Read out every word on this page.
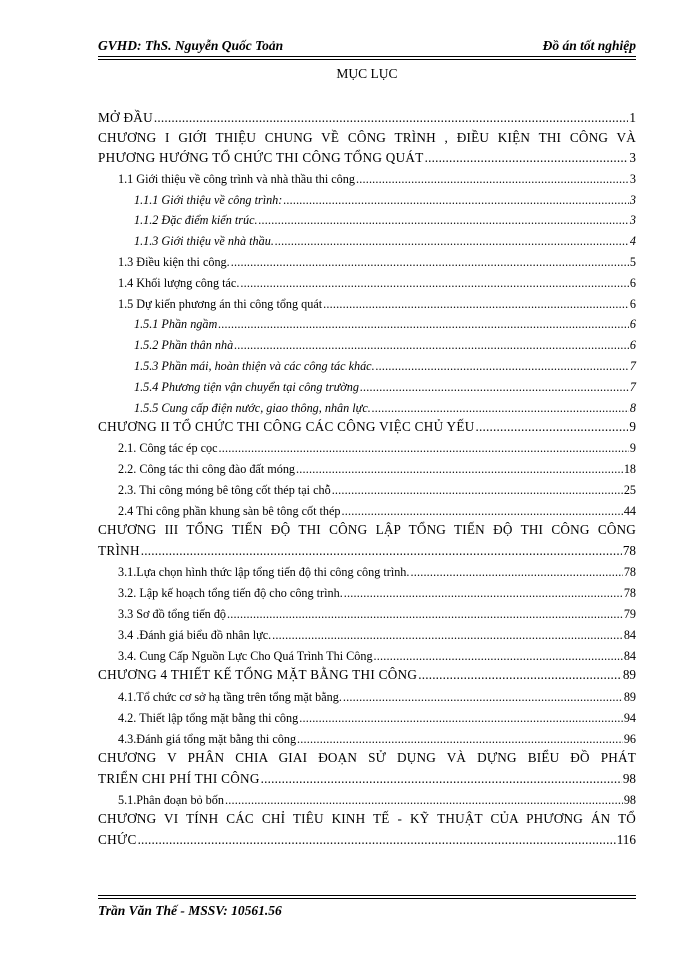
GVHD: ThS. Nguyễn Quốc Toản	Đồ án tốt nghiệp
MỤC LỤC
MỞ ĐẦU .....	1
CHƯƠNG I GIỚI THIỆU CHUNG VỀ CÔNG TRÌNH , ĐIỀU KIỆN THI CÔNG VÀ
PHƯƠNG HƯỚNG TỔ CHỨC THI CÔNG TỔNG QUÁT .....	3
1.1 Giới thiệu về công trình và nhà thầu thi công .....	3
1.1.1 Giới thiệu về công trình: .....	3
1.1.2 Đặc điểm kiến trúc. .....	3
1.1.3 Giới thiệu về nhà thầu. .....	4
1.3 Điều kiện thi công. .....	5
1.4 Khối lượng công tác. .....	6
1.5 Dự kiến phương án thi công tổng quát .....	6
1.5.1 Phần ngầm .....	6
1.5.2 Phần thân nhà .....	6
1.5.3 Phần mái, hoàn thiện và các công tác khác. .....	7
1.5.4 Phương tiện vận chuyển tại công trường .....	7
1.5.5 Cung cấp điện nước, giao thông, nhân lực. .....	8
CHƯƠNG II TỔ CHỨC THI CÔNG CÁC CÔNG VIỆC CHỦ YẾU .....	9
2.1. Công tác ép cọc .....	9
2.2. Công tác thi công đào đất móng .....	18
2.3. Thi công móng bê tông cốt thép tại chỗ .....	25
2.4 Thi công phần khung sàn bê tông cốt thép .....	44
CHƯƠNG III TỔNG TIẾN ĐỘ THI CÔNG LẬP TỔNG TIẾN ĐỘ THI CÔNG CÔNG
TRÌNH .....	78
3.1.Lựa chọn hình thức lập tổng tiến độ thi công công trình. .....	78
3.2. Lập kế hoạch tổng tiến độ cho công trình. .....	78
3.3 Sơ đồ tổng tiến độ .....	79
3.4 .Đánh giá biểu đồ nhân lực. .....	84
3.4. Cung Cấp Nguồn Lực Cho Quá Trình Thi Công .....	84
CHƯƠNG 4 THIẾT KẾ TỔNG MẶT BẰNG THI CÔNG .....	89
4.1.Tổ chức cơ sở hạ tầng trên tổng mặt bằng. .....	89
4.2. Thiết lập tổng mặt bằng thi công .....	94
4.3.Đánh giá tổng mặt bằng thi công .....	96
CHƯƠNG V PHÂN CHIA GIAI ĐOẠN SỬ DỤNG VÀ DỰNG BIỂU ĐỒ PHÁT
TRIỂN CHI PHÍ THI CÔNG .....	98
5.1.Phân đoạn bỏ bốn .....	98
CHƯƠNG VI TÍNH CÁC CHỈ TIÊU KINH TẾ - KỸ THUẬT CỦA PHƯƠNG ÁN TỔ
CHỨC .....	116
Trần Văn Thế - MSSV: 10561.56
